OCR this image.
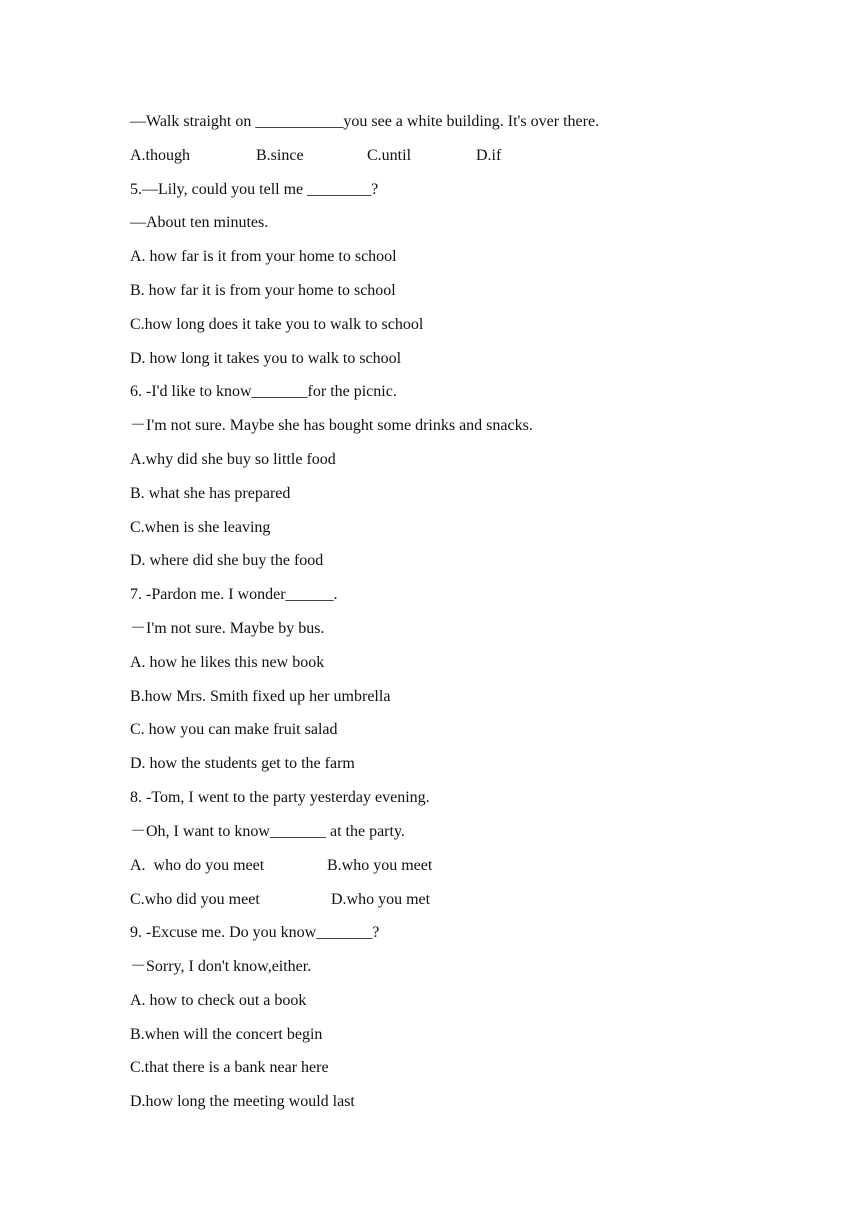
—Walk straight on ___________you see a white building. It's over there.

A.though

	B.since

	C.until

	D.if

5.—Lily, could you tell me ________?
—About ten minutes.
A. how far is it from your home to school
B. how far it is from your home to school
C.how long does it take you to walk to school
D. how long it takes you to walk to school
6. -I'd like to know_______for the picnic.
－I'm not sure. Maybe she has bought some drinks and snacks.
A.why did she buy so little food
B. what she has prepared
C.when is she leaving
D. where did she buy the food
7. -Pardon me. I wonder______.
－I'm not sure. Maybe by bus.
A. how he likes this new book
B.how Mrs. Smith fixed up her umbrella
C. how you can make fruit salad
D. how the students get to the farm
8. -Tom, I went to the party yesterday evening.
－Oh, I want to know_______ at the party.

A.  who do you meet

	B.who you meet

C.who did you meet

	D.who you met

9. -Excuse me. Do you know_______?
－Sorry, I don't know,either.
A. how to check out a book
B.when will the concert begin
C.that there is a bank near here
D.how long the meeting would last
